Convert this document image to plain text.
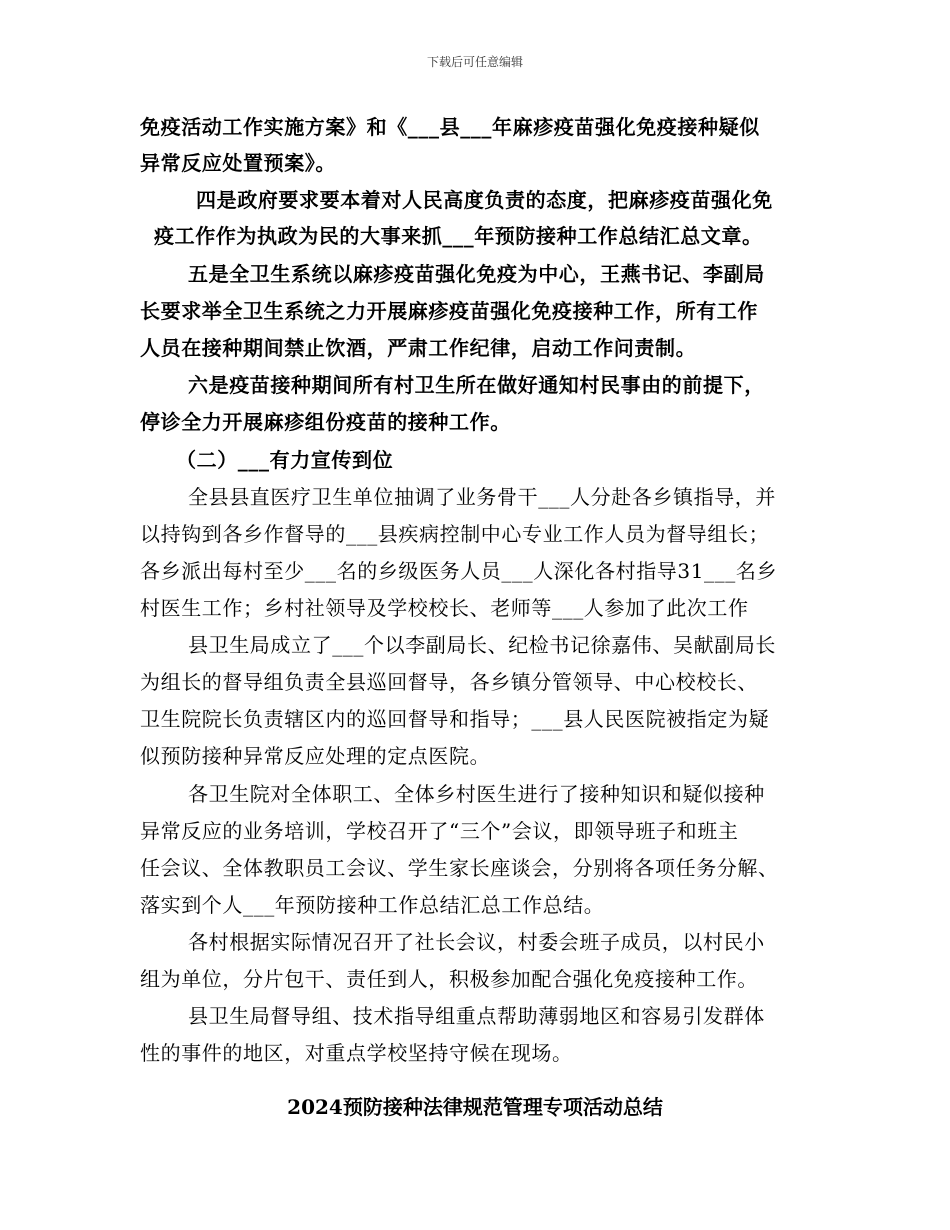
下载后可任意编辑
免疫活动工作实施方案》和《___县___年麻疹疫苗强化免疫接种疑似
异常反应处置预案》。
四是政府要求要本着对人民高度负责的态度，把麻疹疫苗强化免
疫工作作为执政为民的大事来抓___年预防接种工作总结汇总文章。
五是全卫生系统以麻疹疫苗强化免疫为中心，王燕书记、李副局
长要求举全卫生系统之力开展麻疹疫苗强化免疫接种工作，所有工作
人员在接种期间禁止饮酒，严肃工作纪律，启动工作问责制。
六是疫苗接种期间所有村卫生所在做好通知村民事由的前提下，
停诊全力开展麻疹组份疫苗的接种工作。
（二）___有力宣传到位
全县县直医疗卫生单位抽调了业务骨干___人分赴各乡镇指导，并
以持钩到各乡作督导的___县疾病控制中心专业工作人员为督导组长；
各乡派出每村至少___名的乡级医务人员___人深化各村指导31___名乡
村医生工作；乡村社领导及学校校长、老师等___人参加了此次工作
县卫生局成立了___个以李副局长、纪检书记徐嘉伟、吴献副局长
为组长的督导组负责全县巡回督导，各乡镇分管领导、中心校校长、
卫生院院长负责辖区内的巡回督导和指导；___县人民医院被指定为疑
似预防接种异常反应处理的定点医院。
各卫生院对全体职工、全体乡村医生进行了接种知识和疑似接种
异常反应的业务培训，学校召开了“三个”会议，即领导班子和班主
任会议、全体教职员工会议、学生家长座谈会，分别将各项任务分解、
落实到个人___年预防接种工作总结汇总工作总结。
各村根据实际情况召开了社长会议，村委会班子成员，以村民小
组为单位，分片包干、责任到人，积极参加配合强化免疫接种工作。
县卫生局督导组、技术指导组重点帮助薄弱地区和容易引发群体
性的事件的地区，对重点学校坚持守候在现场。
2024预防接种法律规范管理专项活动总结
